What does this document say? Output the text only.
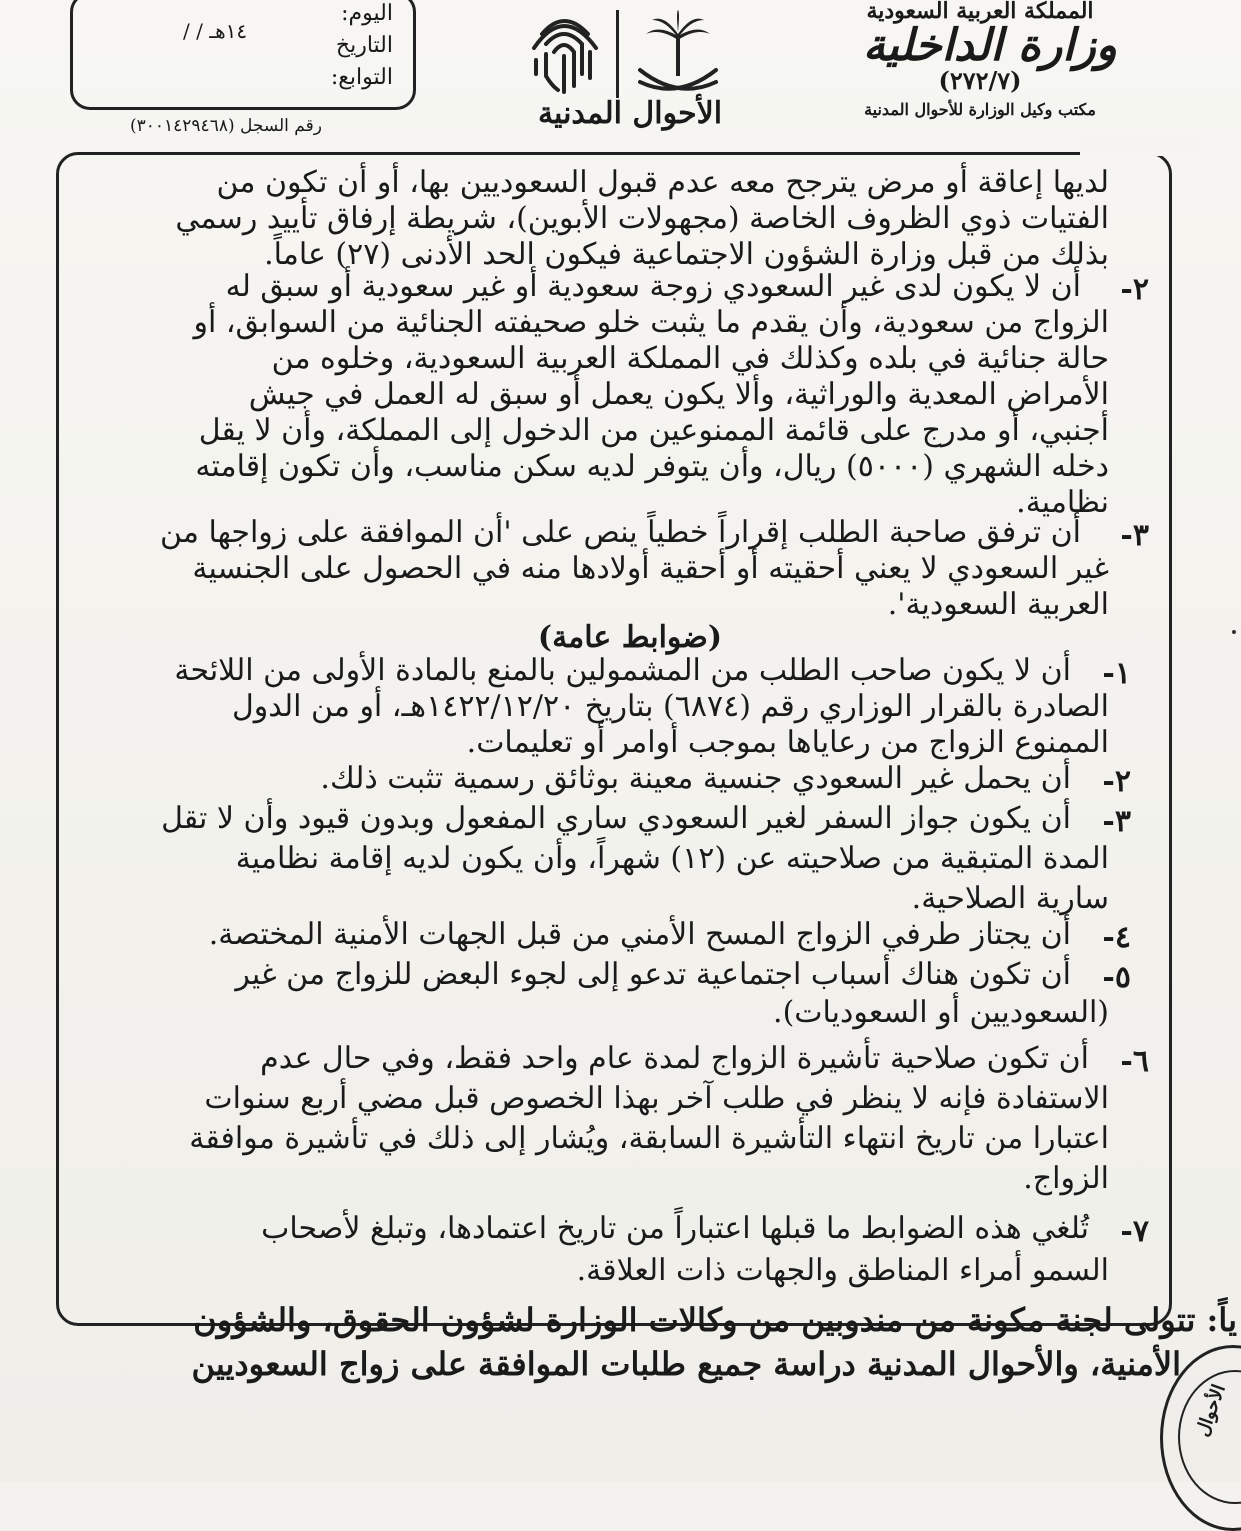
اليوم:
التاريخ
/ / ١٤هـ
التوابع:
رقم السجل (٣٠٠١٤٢٩٤٦٨)	الأحوال المدنية
المملكة العربية السعودية
وزارة الداخلية
(٢٧٢/٧)
مكتب وكيل الوزارة للأحوال المدنية
لديها إعاقة أو مرض يترجح معه عدم قبول السعوديين بها، أو أن تكون من
الفتيات ذوي الظروف الخاصة (مجهولات الأبوين)، شريطة إرفاق تأييد رسمي
بذلك من قبل وزارة الشؤون الاجتماعية فيكون الحد الأدنى (٢٧) عاماً.
٢-
أن لا يكون لدى غير السعودي زوجة سعودية أو غير سعودية أو سبق له
الزواج من سعودية، وأن يقدم ما يثبت خلو صحيفته الجنائية من السوابق، أو
حالة جنائية في بلده وكذلك في المملكة العربية السعودية، وخلوه من
الأمراض المعدية والوراثية، وألا يكون يعمل أو سبق له العمل في جيش
أجنبي، أو مدرج على قائمة الممنوعين من الدخول إلى المملكة، وأن لا يقل
دخله الشهري (٥٠٠٠) ريال، وأن يتوفر لديه سكن مناسب، وأن تكون إقامته
نظامية.
٣-
أن ترفق صاحبة الطلب إقراراً خطياً ينص على 'أن الموافقة على زواجها من
غير السعودي لا يعني أحقيته أو أحقية أولادها منه في الحصول على الجنسية
العربية السعودية'.
(ضوابط عامة)
١-
أن لا يكون صاحب الطلب من المشمولين بالمنع بالمادة الأولى من اللائحة
الصادرة بالقرار الوزاري رقم (٦٨٧٤) بتاريخ ١٤٢٢/١٢/٢٠هـ، أو من الدول
الممنوع الزواج من رعاياها بموجب أوامر أو تعليمات.
٢-
أن يحمل غير السعودي جنسية معينة بوثائق رسمية تثبت ذلك.
٣-
أن يكون جواز السفر لغير السعودي ساري المفعول وبدون قيود وأن لا تقل
المدة المتبقية من صلاحيته عن (١٢) شهراً، وأن يكون لديه إقامة نظامية
سارية الصلاحية.
٤-
أن يجتاز طرفي الزواج المسح الأمني من قبل الجهات الأمنية المختصة.
٥-
أن تكون هناك أسباب اجتماعية تدعو إلى لجوء البعض للزواج من غير
(السعوديين أو السعوديات).
٦-
أن تكون صلاحية تأشيرة الزواج لمدة عام واحد فقط، وفي حال عدم
الاستفادة فإنه لا ينظر في طلب آخر بهذا الخصوص قبل مضي أربع سنوات
اعتبارا من تاريخ انتهاء التأشيرة السابقة، ويُشار إلى ذلك في تأشيرة موافقة
الزواج.
٧-
تُلغي هذه الضوابط ما قبلها اعتباراً من تاريخ اعتمادها، وتبلغ لأصحاب
السمو أمراء المناطق والجهات ذات العلاقة.
ياً: تتولى لجنة مكونة من مندوبين من وكالات الوزارة لشؤون الحقوق، والشؤون
الأمنية، والأحوال المدنية دراسة جميع طلبات الموافقة على زواج السعوديين
الأحوال
